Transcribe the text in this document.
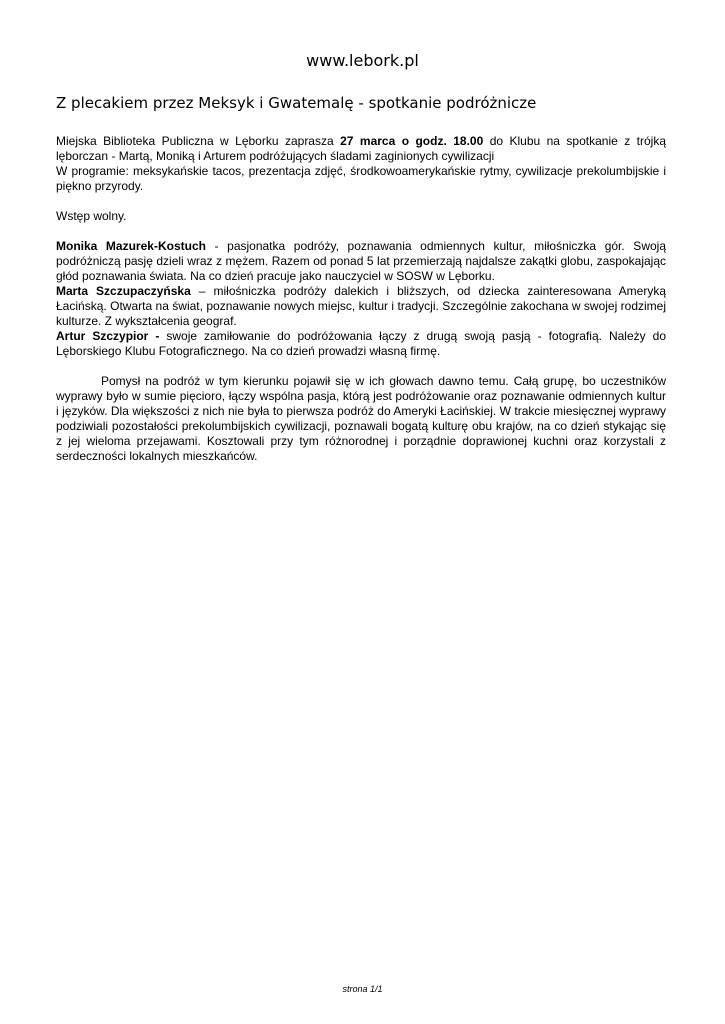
www.lebork.pl
Z plecakiem przez Meksyk i Gwatemalę - spotkanie podróżnicze

Miejska Biblioteka Publiczna w Lęborku zaprasza 27 marca o godz. 18.00 do Klubu na spotkanie z trójką lęborczan - Martą, Moniką i Arturem podróżujących śladami zaginionych cywilizacji

W programie: meksykańskie tacos, prezentacja zdjęć, środkowoamerykańskie rytmy, cywilizacje prekolumbijskie i piękno przyrody.

Wstęp wolny.

Monika Mazurek-Kostuch - pasjonatka podróży, poznawania odmiennych kultur, miłośniczka gór. Swoją podróżniczą pasję dzieli wraz z mężem. Razem od ponad 5 lat przemierzają najdalsze zakątki globu, zaspokajając głód poznawania świata. Na co dzień pracuje jako nauczyciel w SOSW w Lęborku.

Marta Szczupaczyńska – miłośniczka podróży dalekich i bliższych, od dziecka zainteresowana Ameryką Łacińską. Otwarta na świat, poznawanie nowych miejsc, kultur i tradycji. Szczególnie zakochana w swojej rodzimej kulturze. Z wykształcenia geograf.

Artur Szczypior - swoje zamiłowanie do podróżowania łączy z drugą swoją pasją - fotografią. Należy do Lęborskiego Klubu Fotograficznego. Na co dzień prowadzi własną firmę.

Pomysł na podróż w tym kierunku pojawił się w ich głowach dawno temu. Całą grupę, bo uczestników wyprawy było w sumie pięcioro, łączy wspólna pasja, którą jest podróżowanie oraz poznawanie odmiennych kultur i języków. Dla większości z nich nie była to pierwsza podróż do Ameryki Łacińskiej. W trakcie miesięcznej wyprawy podziwiali pozostałości prekolumbijskich cywilizacji, poznawali bogatą kulturę obu krajów, na co dzień stykając się z jej wieloma przejawami. Kosztowali przy tym różnorodnej i porządnie doprawionej kuchni oraz korzystali z serdeczności lokalnych mieszkańców.

strona 1/1
